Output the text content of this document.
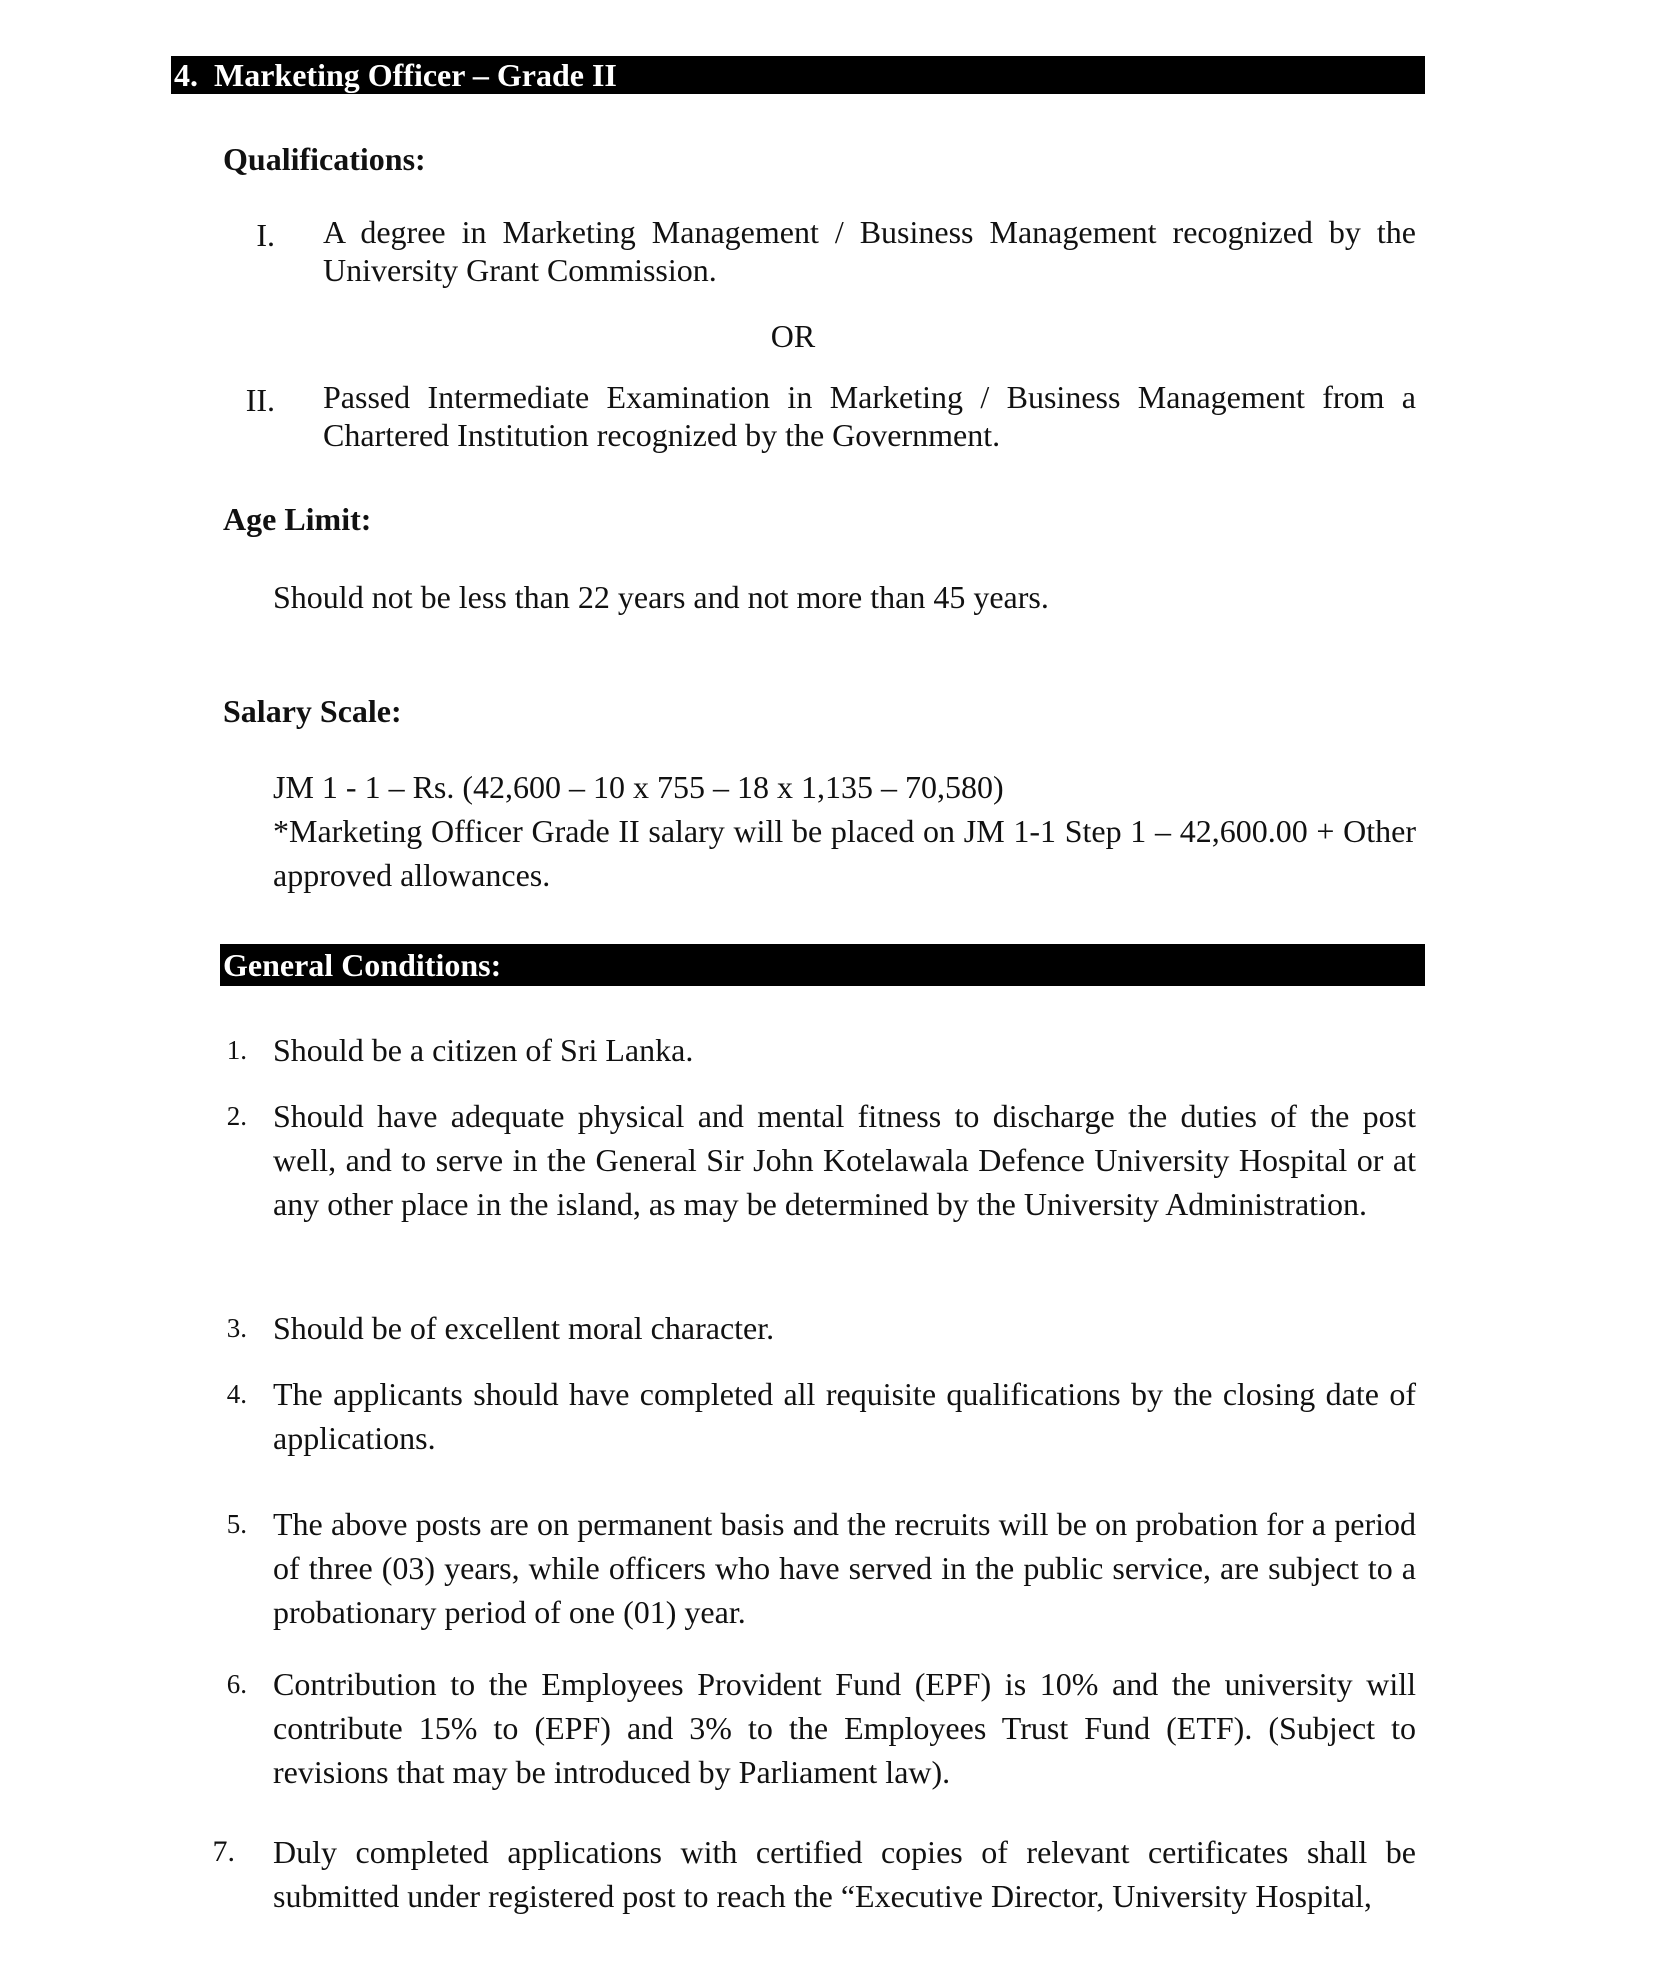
4.  Marketing Officer – Grade II
Qualifications:
I. A degree in Marketing Management / Business Management recognized by the University Grant Commission.
OR
II. Passed Intermediate Examination in Marketing / Business Management from a Chartered Institution recognized by the Government.
Age Limit:
Should not be less than 22 years and not more than 45 years.
Salary Scale:
JM 1 - 1 – Rs. (42,600 – 10 x 755 – 18 x 1,135 – 70,580)
*Marketing Officer Grade II salary will be placed on JM 1-1 Step 1 – 42,600.00 + Other approved allowances.
General Conditions:
1. Should be a citizen of Sri Lanka.
2. Should have adequate physical and mental fitness to discharge the duties of the post well, and to serve in the General Sir John Kotelawala Defence University Hospital or at any other place in the island, as may be determined by the University Administration.
3. Should be of excellent moral character.
4. The applicants should have completed all requisite qualifications by the closing date of applications.
5. The above posts are on permanent basis and the recruits will be on probation for a period of three (03) years, while officers who have served in the public service, are subject to a probationary period of one (01) year.
6. Contribution to the Employees Provident Fund (EPF) is 10% and the university will contribute 15% to (EPF) and 3% to the Employees Trust Fund (ETF). (Subject to revisions that may be introduced by Parliament law).
7. Duly completed applications with certified copies of relevant certificates shall be submitted under registered post to reach the “Executive Director, University Hospital,
